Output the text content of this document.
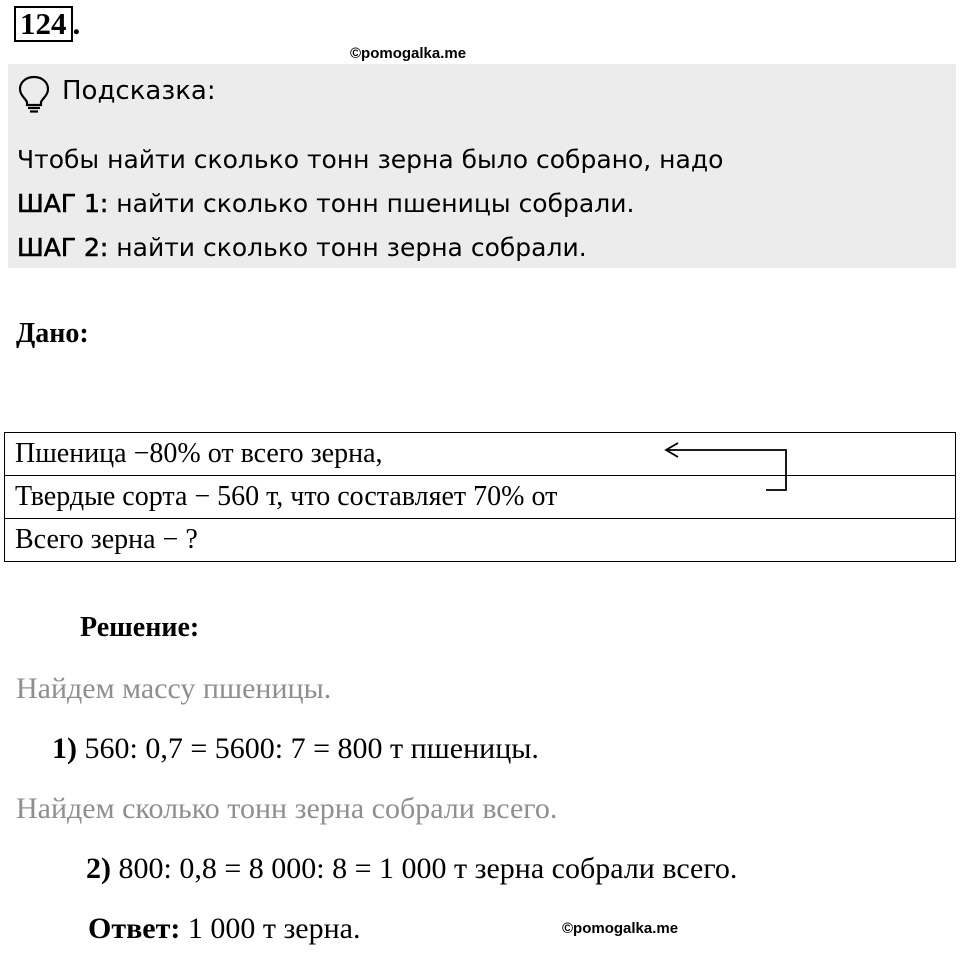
124 .
©pomogalka.me
Подсказка:
Чтобы найти сколько тонн зерна было собрано, надо
ШАГ 1: найти сколько тонн пшеницы собрали.
ШАГ 2: найти сколько тонн зерна собрали.
Дано:
Пшеница −80% от всего зерна,
Твердые сорта − 560 т, что составляет 70% от
Всего зерна − ?
Решение:
Найдем массу пшеницы.
1) 560: 0,7 = 5600: 7 = 800 т пшеницы.
Найдем сколько тонн зерна собрали всего.
2) 800: 0,8 = 8 000: 8 = 1 000 т зерна собрали всего.
Ответ: 1 000 т зерна.	©pomogalka.me
